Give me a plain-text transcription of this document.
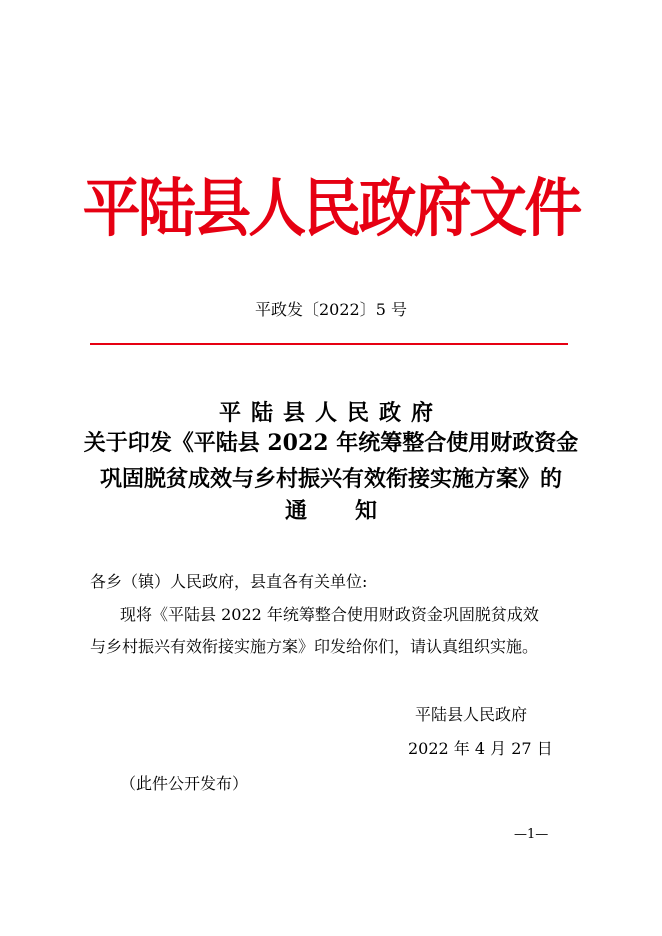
平陆县人民政府文件
平政发〔2022〕5 号
平陆县人民政府
关于印发《平陆县 2022 年统筹整合使用财政资金
巩固脱贫成效与乡村振兴有效衔接实施方案》的
通知
各乡（镇）人民政府，县直各有关单位:
现将《平陆县 2022 年统筹整合使用财政资金巩固脱贫成效
与乡村振兴有效衔接实施方案》印发给你们，请认真组织实施。
平陆县人民政府
2022 年 4 月 27 日
（此件公开发布）
—1—
